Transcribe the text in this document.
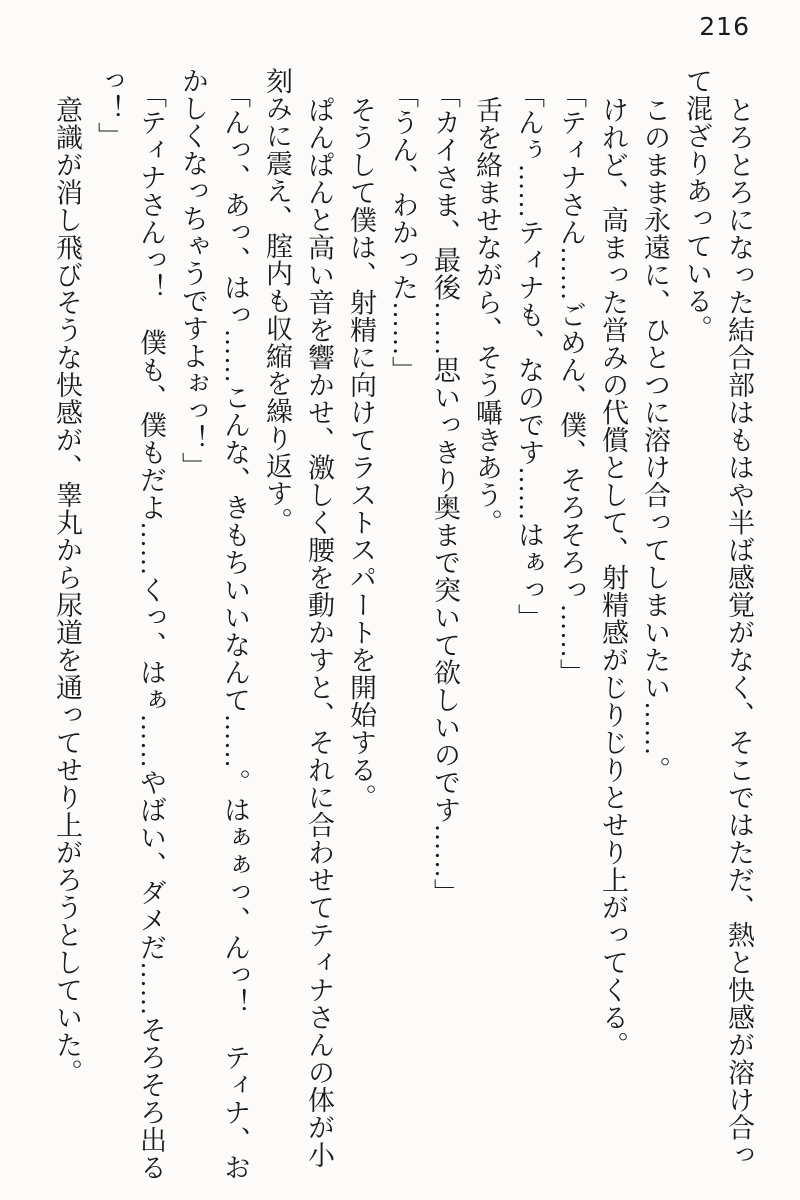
216

とろとろになった結合部はもはや半ば感覚がなく、そこではただ、熱と快感が溶け合っ

て混ざりあっている。

このまま永遠に、ひとつに溶け合ってしまいたい……。

けれど、高まった営みの代償として、射精感がじりじりとせり上がってくる。

「ティナさん……ごめん、僕、そろそろっ……」

「んぅ……ティナも、なのです……はぁっ」

舌を絡ませながら、そう囁きあう。

「カイさま、最後……思いっきり奥まで突いて欲しいのです……」

「うん、わかった……」

そうして僕は、射精に向けてラストスパートを開始する。

ぱんぱんと高い音を響かせ、激しく腰を動かすと、それに合わせてティナさんの体が小

刻みに震え、腟内も収縮を繰り返す。

「んっ、あっ、はっ……こんな、きもちいいなんて……。はぁぁっ、んっ！　ティナ、お

かしくなっちゃうですよぉっ！」

「ティナさんっ！　僕も、僕もだよ……くっ、はぁ……やばい、ダメだ……そろそろ出る

っ！」

意識が消し飛びそうな快感が、睾丸から尿道を通ってせり上がろうとしていた。
